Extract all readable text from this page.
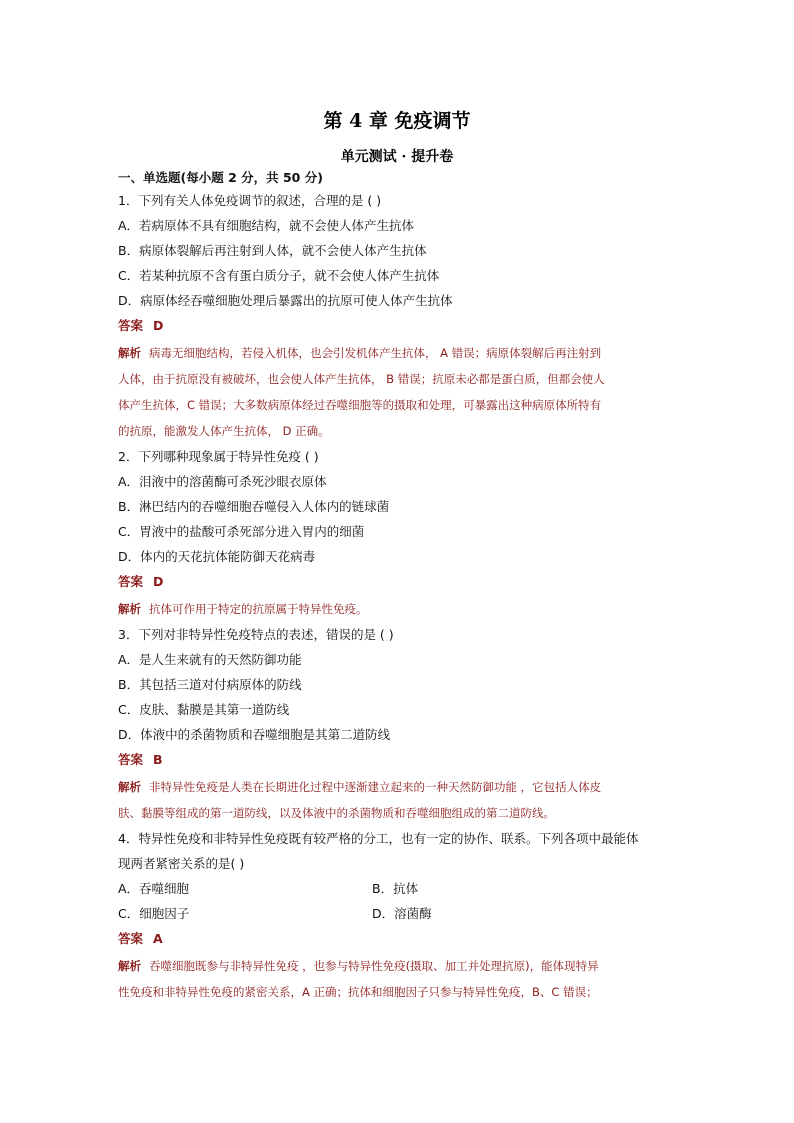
第 4 章 免疫调节
单元测试 · 提升卷
一、单选题(每小题 2 分，共 50 分)
1．下列有关人体免疫调节的叙述，合理的是 ( )
A．若病原体不具有细胞结构，就不会使人体产生抗体
B．病原体裂解后再注射到人体，就不会使人体产生抗体
C．若某种抗原不含有蛋白质分子，就不会使人体产生抗体
D．病原体经吞噬细胞处理后暴露出的抗原可使人体产生抗体
答案 D
解析 病毒无细胞结构，若侵入机体，也会引发机体产生抗体， A 错误；病原体裂解后再注射到
人体，由于抗原没有被破坏，也会使人体产生抗体， B 错误；抗原未必都是蛋白质，但都会使人
体产生抗体，C 错误；大多数病原体经过吞噬细胞等的摄取和处理，可暴露出这种病原体所特有
的抗原，能激发人体产生抗体， D 正确。
2．下列哪种现象属于特异性免疫 ( )
A．泪液中的溶菌酶可杀死沙眼衣原体
B．淋巴结内的吞噬细胞吞噬侵入人体内的链球菌
C．胃液中的盐酸可杀死部分进入胃内的细菌
D．体内的天花抗体能防御天花病毒
答案 D
解析 抗体可作用于特定的抗原属于特异性免疫。
3．下列对非特异性免疫特点的表述，错误的是 ( )
A．是人生来就有的天然防御功能
B．其包括三道对付病原体的防线
C．皮肤、黏膜是其第一道防线
D．体液中的杀菌物质和吞噬细胞是其第二道防线
答案 B
解析 非特异性免疫是人类在长期进化过程中逐渐建立起来的一种天然防御功能 ，它包括人体皮
肤、黏膜等组成的第一道防线，以及体液中的杀菌物质和吞噬细胞组成的第二道防线。
4．特异性免疫和非特异性免疫既有较严格的分工，也有一定的协作、联系。下列各项中最能体
现两者紧密关系的是( )
A．吞噬细胞	B．抗体
C．细胞因子	D．溶菌酶
答案 A
解析 吞噬细胞既参与非特异性免疫 ，也参与特异性免疫(摄取、加工并处理抗原)，能体现特异
性免疫和非特异性免疫的紧密关系，A 正确；抗体和细胞因子只参与特异性免疫，B、C 错误；
